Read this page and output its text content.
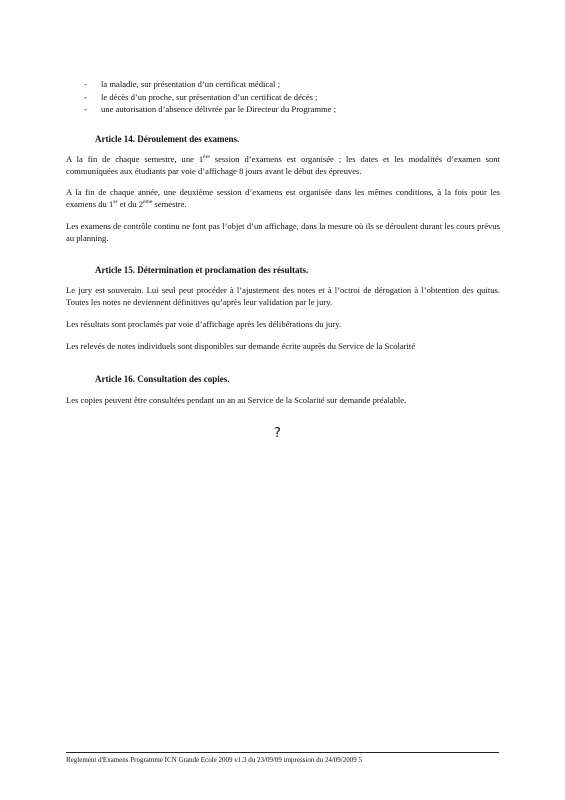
-	la maladie, sur présentation d’un certificat médical ;
-	le décès d’un proche, sur présentation d’un certificat de décès ;
-	une autorisation d’absence délivrée par le Directeur du Programme ;
Article 14. Déroulement des examens.
A la fin de chaque semestre, une 1ère session d’examens est organisée ; les dates et les modalités d’examen sont communiquées aux étudiants par voie d’affichage 8 jours avant le début des épreuves.
A la fin de chaque année, une deuxième session d’examens est organisée dans les mêmes conditions, à la fois pour les examens du 1er et du 2ème semestre.
Les examens de contrôle continu ne font pas l’objet d’un affichage, dans la mesure où ils se déroulent durant les cours prévus au planning.
Article 15. Détermination et proclamation des résultats.
Le jury est souverain. Lui seul peut procéder à l’ajustement des notes et à l’octroi de dérogation à l’obtention des quitus. Toutes les notes ne deviennent définitives qu’après leur validation par le jury.
Les résultats sont proclamés par voie d’affichage après les délibérations du jury.
Les relevés de notes individuels sont disponibles sur demande écrite auprès du Service de la Scolarité
Article 16. Consultation des copies.
Les copies peuvent être consultées pendant un an au Service de la Scolarité sur demande préalable.
?
Reglement d'Examens Programme ICN Grande Ecole 2009 v1.3 du 23/09/09 impression du 24/09/2009 5
